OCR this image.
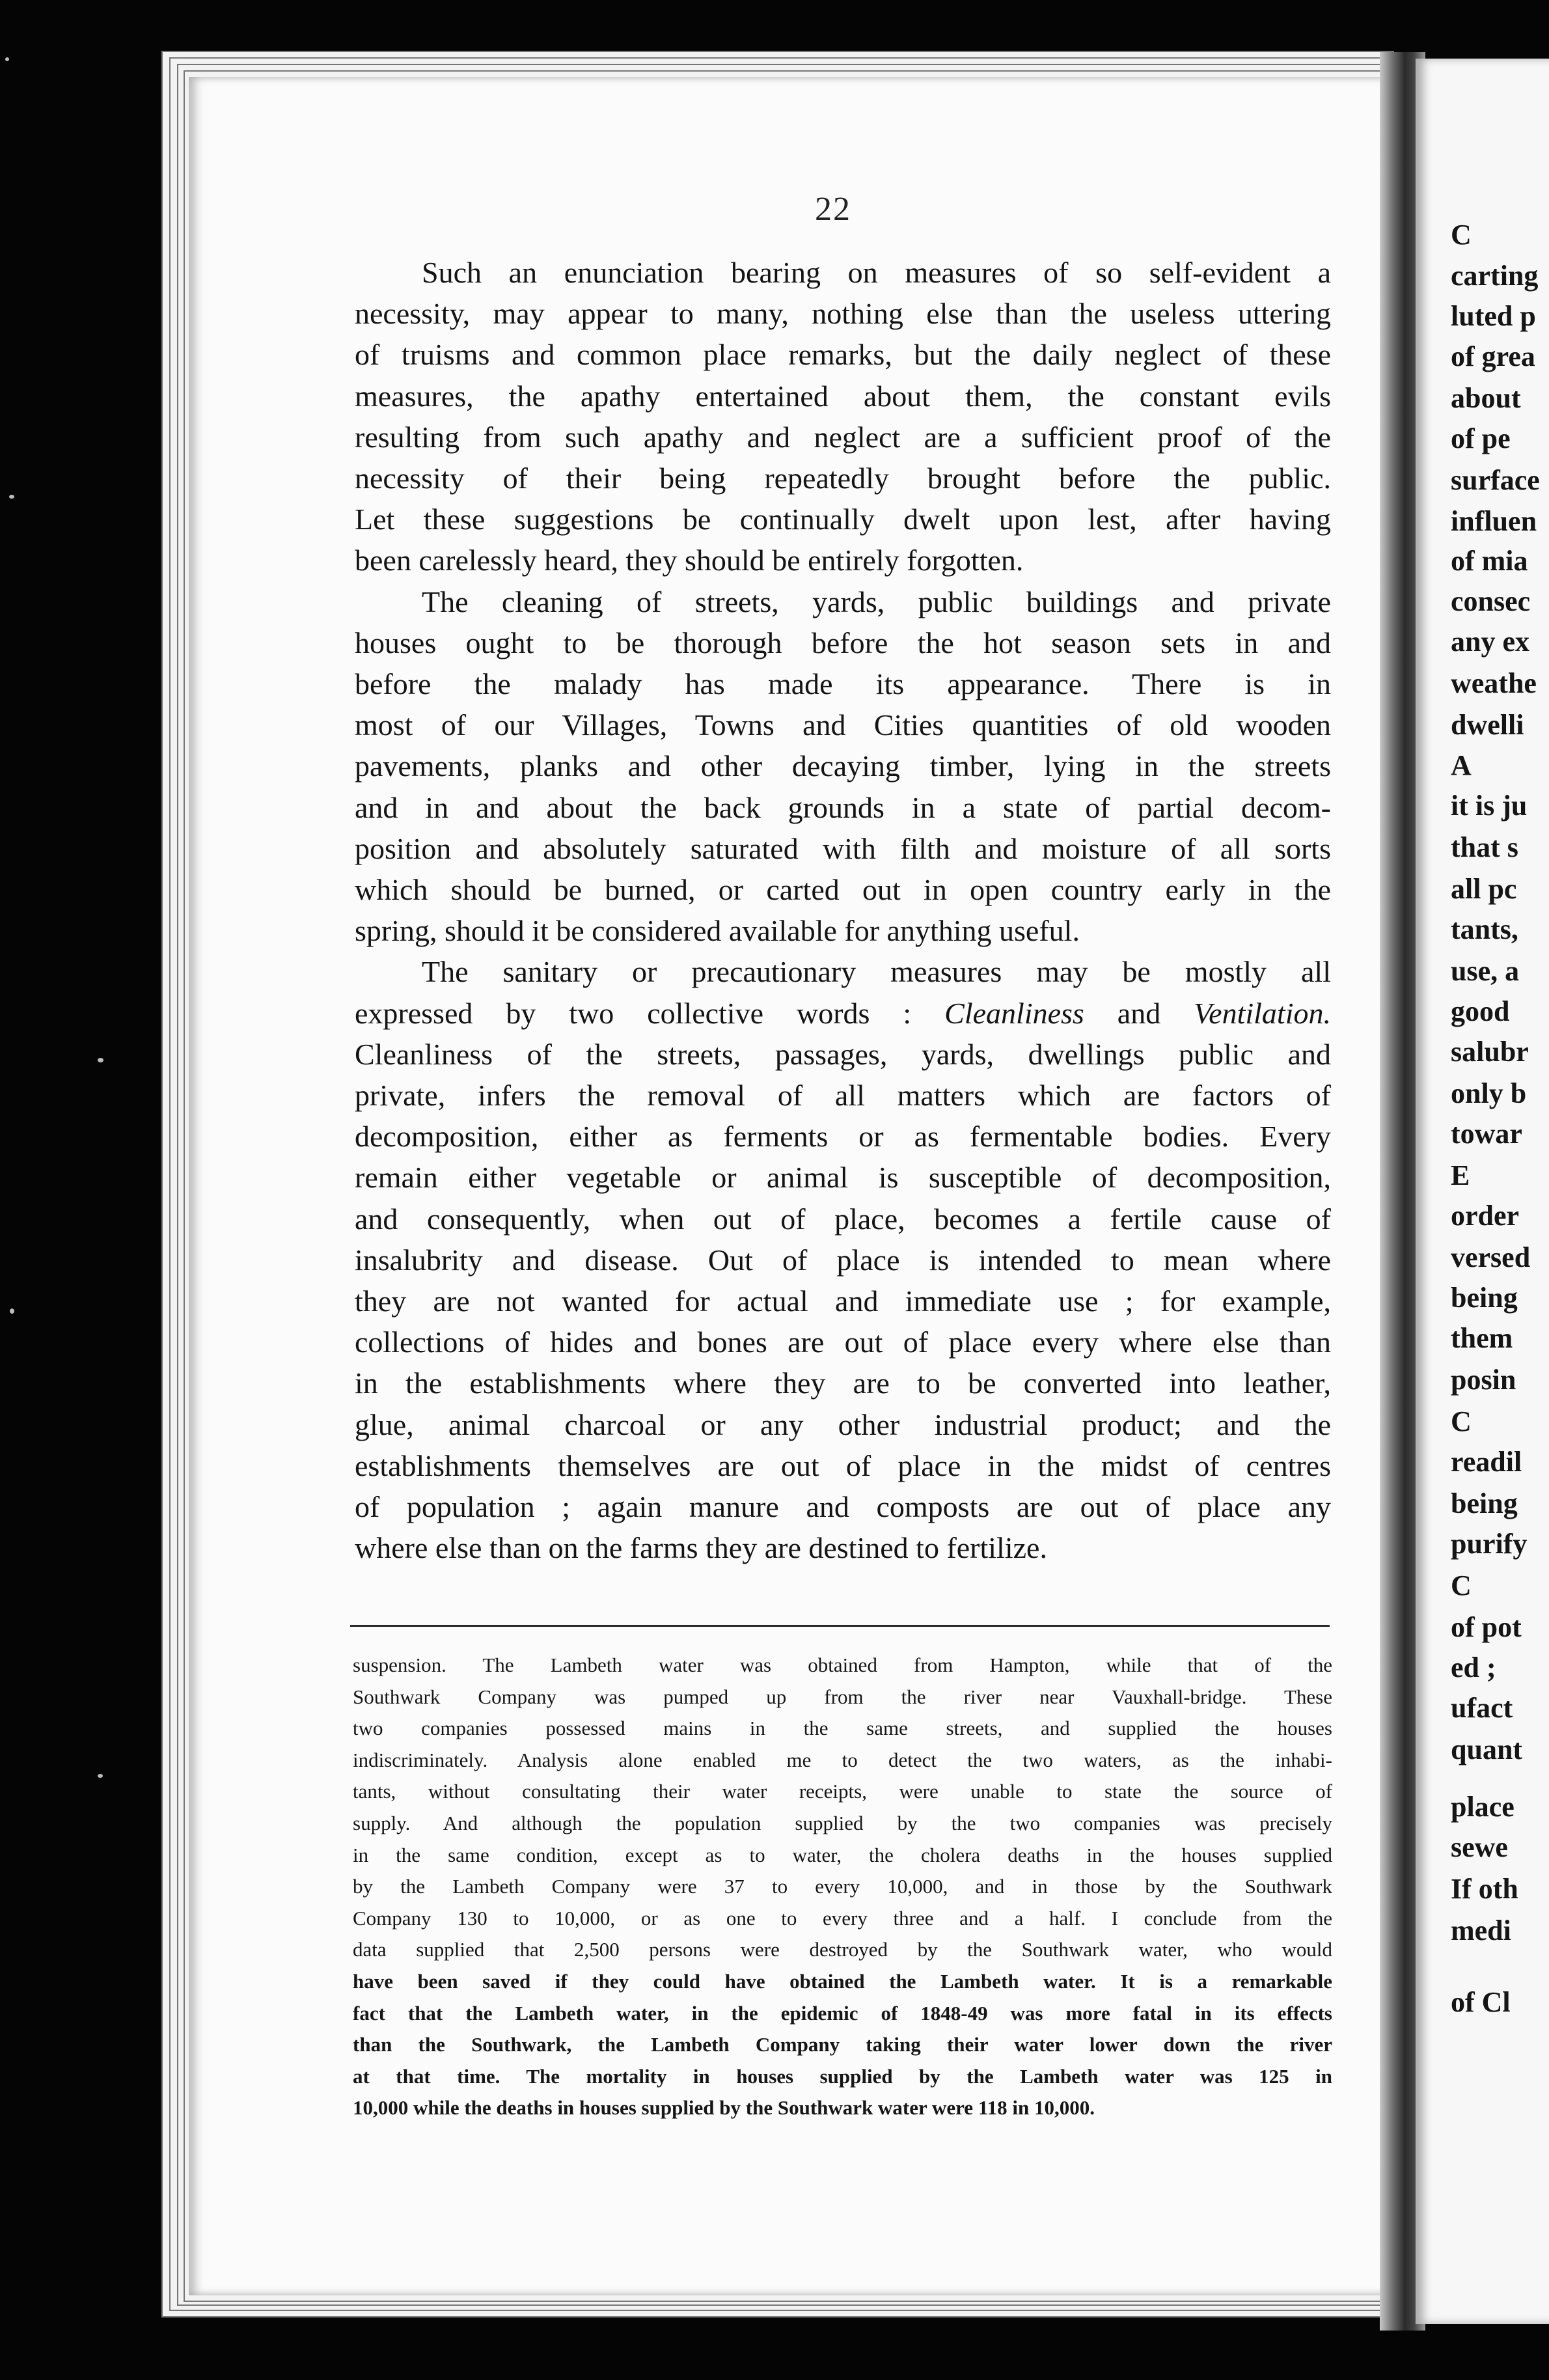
C
carting
luted p
of grea
about
of pe
surface
influen
of mia
consec
any ex
weathe
dwelli
A
it is ju
that s
all pc
tants,
use, a
good
salubr
only b
towar
E
order
versed
being
them
posin
C
readil
being
purify
C
of pot
ed ;
ufact
quant
place
sewe
If oth
medi
of Cl
22
Such an enunciation bearing on measures of so self-evident a
necessity, may appear to many, nothing else than the useless uttering
of truisms and common place remarks, but the daily neglect of these
measures, the apathy entertained about them, the constant evils
resulting from such apathy and neglect are a sufficient proof of the
necessity of their being repeatedly brought before the public.
Let these suggestions be continually dwelt upon lest, after having
been carelessly heard, they should be entirely forgotten.
The cleaning of streets, yards, public buildings and private
houses ought to be thorough before the hot season sets in and
before the malady has made its appearance. There is in
most of our Villages, Towns and Cities quantities of old wooden
pavements, planks and other decaying timber, lying in the streets
and in and about the back grounds in a state of partial decom-
position and absolutely saturated with filth and moisture of all sorts
which should be burned, or carted out in open country early in the
spring, should it be considered available for anything useful.
The sanitary or precautionary measures may be mostly all
expressed by two collective words : Cleanliness and Ventilation.
Cleanliness of the streets, passages, yards, dwellings public and
private, infers the removal of all matters which are factors of
decomposition, either as ferments or as fermentable bodies. Every
remain either vegetable or animal is susceptible of decomposition,
and consequently, when out of place, becomes a fertile cause of
insalubrity and disease. Out of place is intended to mean where
they are not wanted for actual and immediate use ; for example,
collections of hides and bones are out of place every where else than
in the establishments where they are to be converted into leather,
glue, animal charcoal or any other industrial product; and the
establishments themselves are out of place in the midst of centres
of population ; again manure and composts are out of place any
where else than on the farms they are destined to fertilize.
suspension. The Lambeth water was obtained from Hampton, while that of the
Southwark Company was pumped up from the river near Vauxhall-bridge. These
two companies possessed mains in the same streets, and supplied the houses
indiscriminately. Analysis alone enabled me to detect the two waters, as the inhabi-
tants, without consultating their water receipts, were unable to state the source of
supply. And although the population supplied by the two companies was precisely
in the same condition, except as to water, the cholera deaths in the houses supplied
by the Lambeth Company were 37 to every 10,000, and in those by the Southwark
Company 130 to 10,000, or as one to every three and a half. I conclude from the
data supplied that 2,500 persons were destroyed by the Southwark water, who would
have been saved if they could have obtained the Lambeth water. It is a remarkable
fact that the Lambeth water, in the epidemic of 1848-49 was more fatal in its effects
than the Southwark, the Lambeth Company taking their water lower down the river
at that time. The mortality in houses supplied by the Lambeth water was 125 in
10,000 while the deaths in houses supplied by the Southwark water were 118 in 10,000.
